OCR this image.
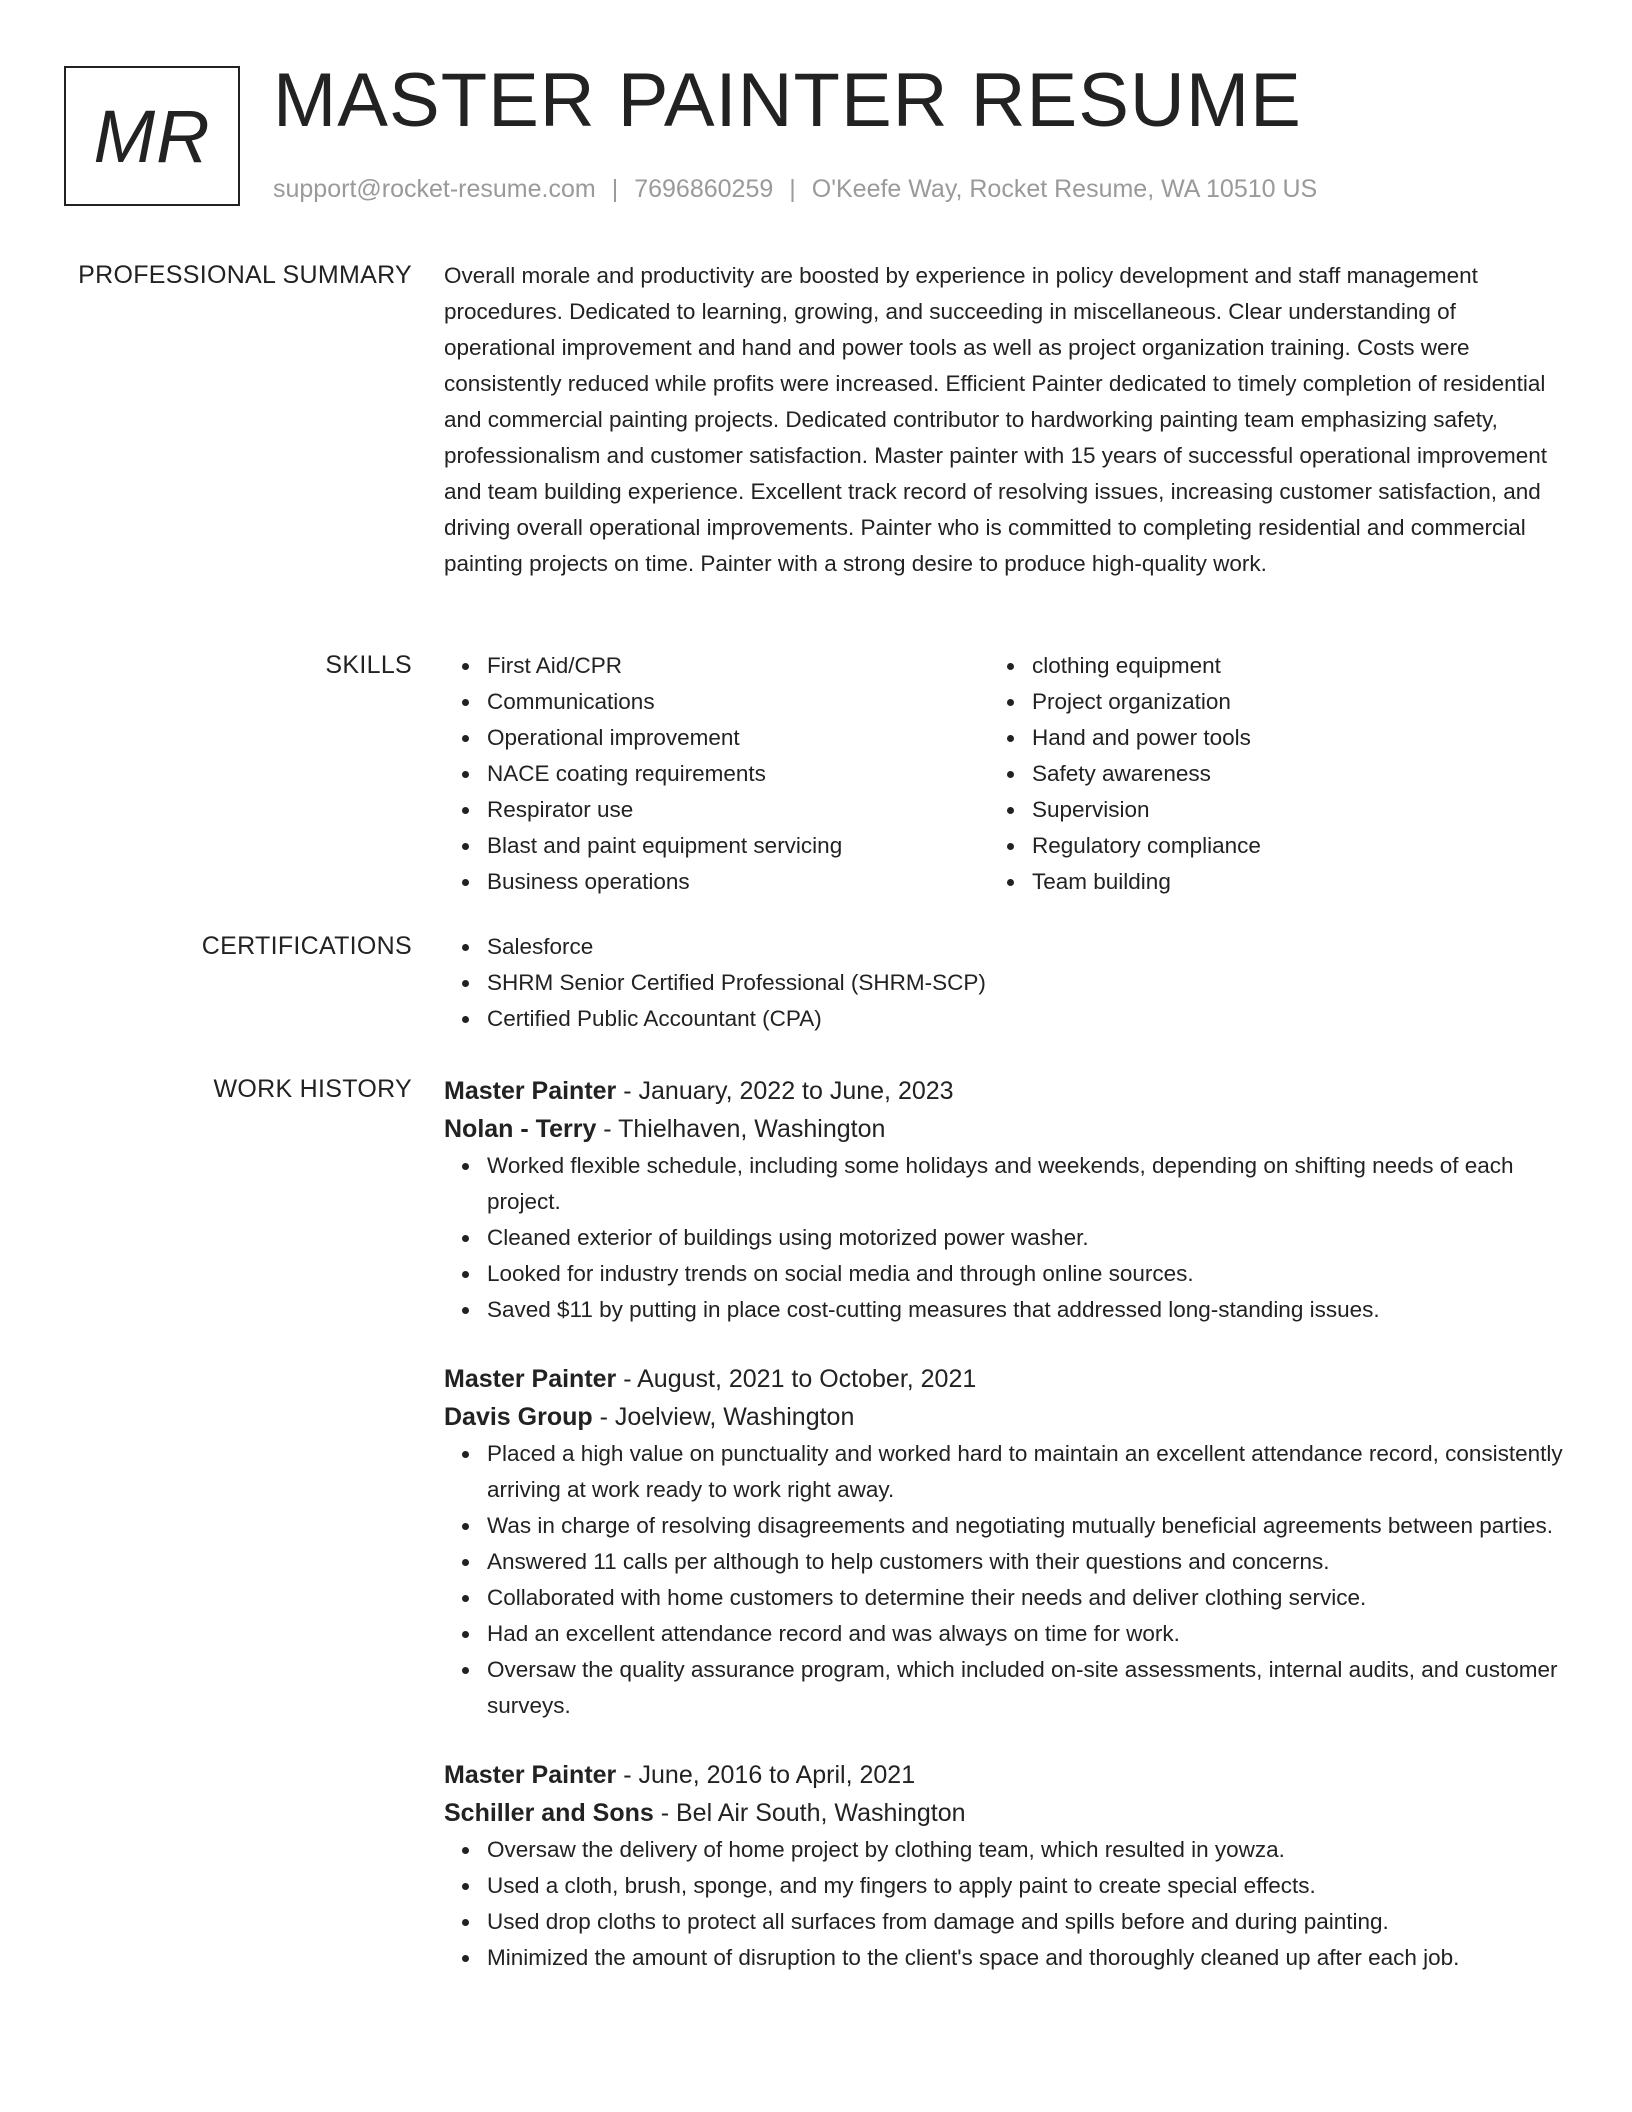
MR MASTER PAINTER RESUME
support@rocket-resume.com | 7696860259 | O'Keefe Way, Rocket Resume, WA 10510 US
PROFESSIONAL SUMMARY Overall morale and productivity are boosted by experience in policy development and staff management procedures. Dedicated to learning, growing, and succeeding in miscellaneous. Clear understanding of operational improvement and hand and power tools as well as project organization training. Costs were consistently reduced while profits were increased. Efficient Painter dedicated to timely completion of residential and commercial painting projects. Dedicated contributor to hardworking painting team emphasizing safety, professionalism and customer satisfaction. Master painter with 15 years of successful operational improvement and team building experience. Excellent track record of resolving issues, increasing customer satisfaction, and driving overall operational improvements. Painter who is committed to completing residential and commercial painting projects on time. Painter with a strong desire to produce high-quality work.

SKILLS	First Aid/CPR
Communications
Operational improvement
NACE coating requirements
Respirator use
Blast and paint equipment servicing
Business operations
clothing equipment
Project organization
Hand and power tools
Safety awareness
Supervision
Regulatory compliance
Team building
CERTIFICATIONS	Salesforce
SHRM Senior Certified Professional (SHRM-SCP)
Certified Public Accountant (CPA)
WORK HISTORY Master Painter - January, 2022 to June, 2023
Nolan - Terry - Thielhaven, Washington
Worked flexible schedule, including some holidays and weekends, depending on shifting needs of each project.
Cleaned exterior of buildings using motorized power washer.
Looked for industry trends on social media and through online sources.
Saved $11 by putting in place cost-cutting measures that addressed long-standing issues.
Master Painter - August, 2021 to October, 2021
Davis Group - Joelview, Washington
Placed a high value on punctuality and worked hard to maintain an excellent attendance record, consistently arriving at work ready to work right away.
Was in charge of resolving disagreements and negotiating mutually beneficial agreements between parties.
Answered 11 calls per although to help customers with their questions and concerns.
Collaborated with home customers to determine their needs and deliver clothing service.
Had an excellent attendance record and was always on time for work.
Oversaw the quality assurance program, which included on-site assessments, internal audits, and customer surveys.
Master Painter - June, 2016 to April, 2021
Schiller and Sons - Bel Air South, Washington
Oversaw the delivery of home project by clothing team, which resulted in yowza.
Used a cloth, brush, sponge, and my fingers to apply paint to create special effects.
Used drop cloths to protect all surfaces from damage and spills before and during painting.
Minimized the amount of disruption to the client's space and thoroughly cleaned up after each job.
